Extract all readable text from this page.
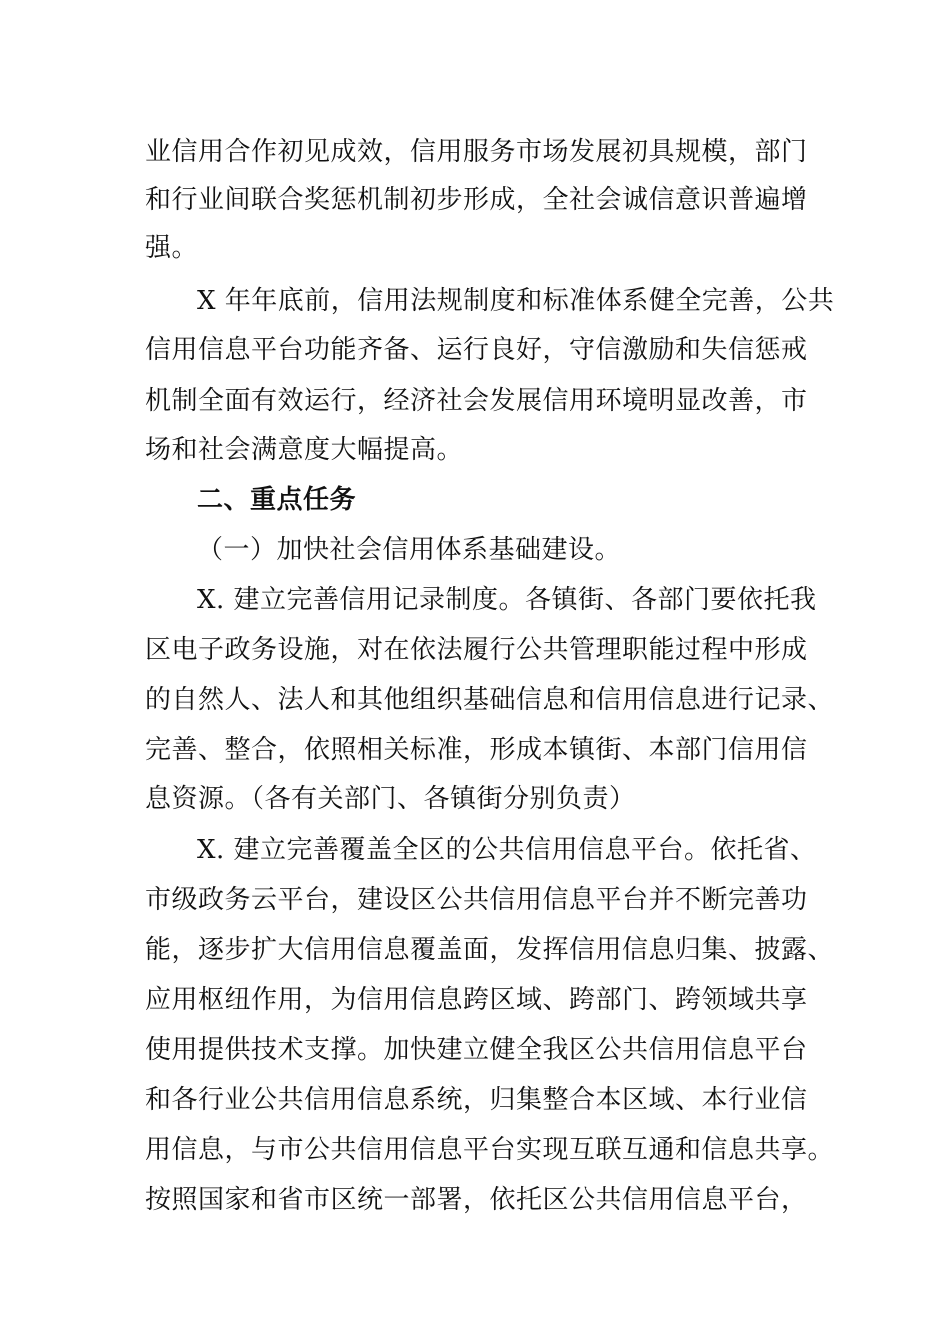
业信用合作初见成效，信用服务市场发展初具规模，部门
和行业间联合奖惩机制初步形成，全社会诚信意识普遍增
强。
X 年年底前，信用法规制度和标准体系健全完善，公共
信用信息平台功能齐备、运行良好，守信激励和失信惩戒
机制全面有效运行，经济社会发展信用环境明显改善，市
场和社会满意度大幅提高。
二、重点任务
（一）加快社会信用体系基础建设。
X. 建立完善信用记录制度。各镇街、各部门要依托我
区电子政务设施，对在依法履行公共管理职能过程中形成
的自然人、法人和其他组织基础信息和信用信息进行记录、
完善、整合，依照相关标准，形成本镇街、本部门信用信
息资源。（各有关部门、各镇街分别负责）
X. 建立完善覆盖全区的公共信用信息平台。依托省、
市级政务云平台，建设区公共信用信息平台并不断完善功
能，逐步扩大信用信息覆盖面，发挥信用信息归集、披露、
应用枢纽作用，为信用信息跨区域、跨部门、跨领域共享
使用提供技术支撑。加快建立健全我区公共信用信息平台
和各行业公共信用信息系统，归集整合本区域、本行业信
用信息，与市公共信用信息平台实现互联互通和信息共享。
按照国家和省市区统一部署，依托区公共信用信息平台，
